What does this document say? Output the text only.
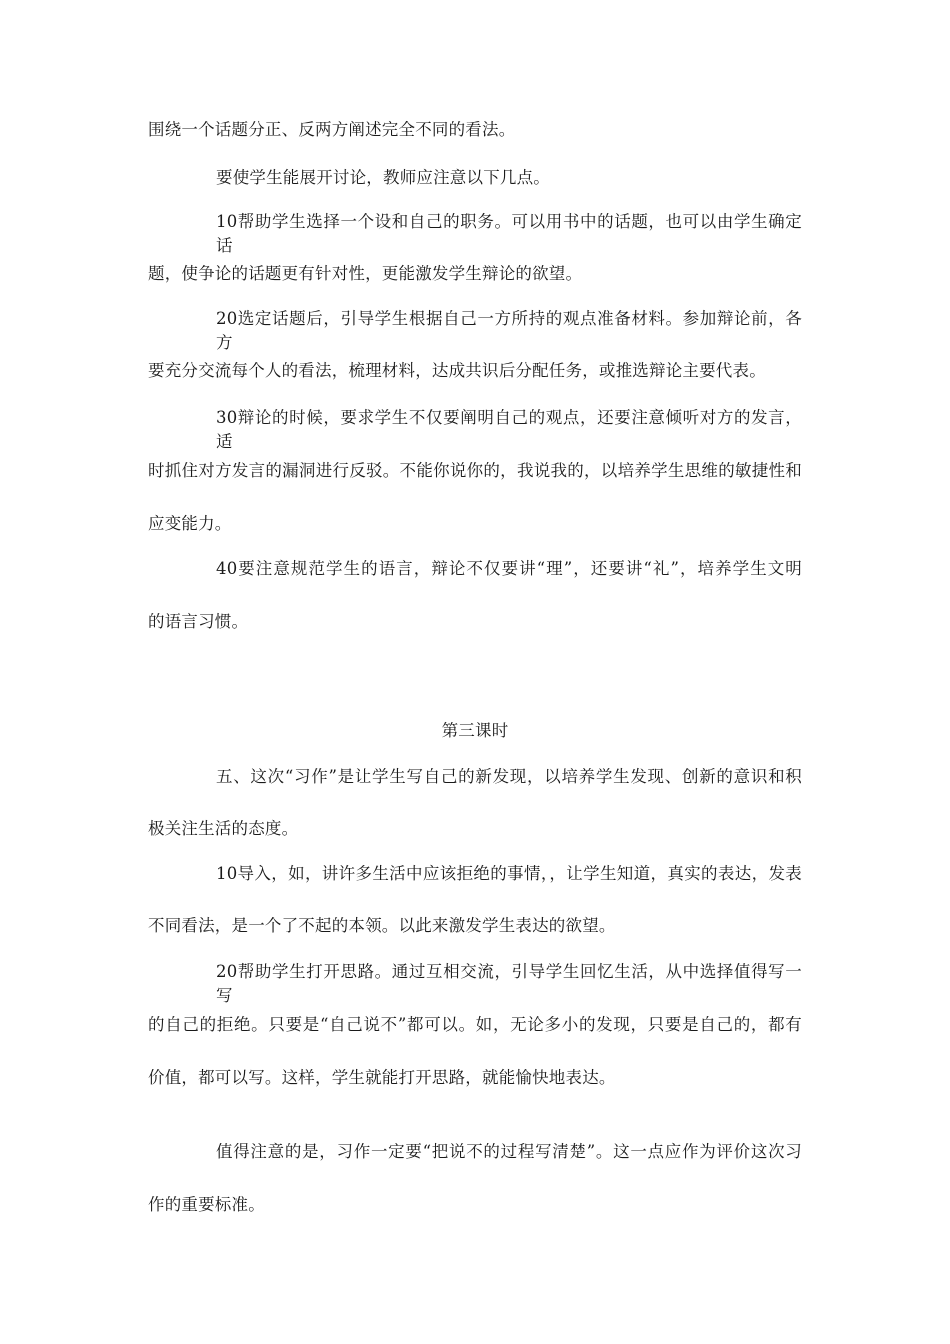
围绕一个话题分正、反两方阐述完全不同的看法。
要使学生能展开讨论，教师应注意以下几点。
10帮助学生选择一个设和自己的职务。可以用书中的话题，也可以由学生确定话
题，使争论的话题更有针对性，更能激发学生辩论的欲望。
20选定话题后，引导学生根据自己一方所持的观点准备材料。参加辩论前，各方
要充分交流每个人的看法，梳理材料，达成共识后分配任务，或推选辩论主要代表。
30辩论的时候，要求学生不仅要阐明自己的观点，还要注意倾听对方的发言，适
时抓住对方发言的漏洞进行反驳。不能你说你的，我说我的，以培养学生思维的敏捷性和
应变能力。
40要注意规范学生的语言，辩论不仅要讲“理”，还要讲“礼”，培养学生文明
的语言习惯。
第三课时
五、这次“习作”是让学生写自己的新发现，以培养学生发现、创新的意识和积
极关注生活的态度。
10导入，如，讲许多生活中应该拒绝的事情，，让学生知道，真实的表达，发表
不同看法，是一个了不起的本领。以此来激发学生表达的欲望。
20帮助学生打开思路。通过互相交流，引导学生回忆生活，从中选择值得写一写
的自己的拒绝。只要是“自己说不”都可以。如，无论多小的发现，只要是自己的，都有
价值，都可以写。这样，学生就能打开思路，就能愉快地表达。
值得注意的是，习作一定要“把说不的过程写清楚”。这一点应作为评价这次习
作的重要标准。
